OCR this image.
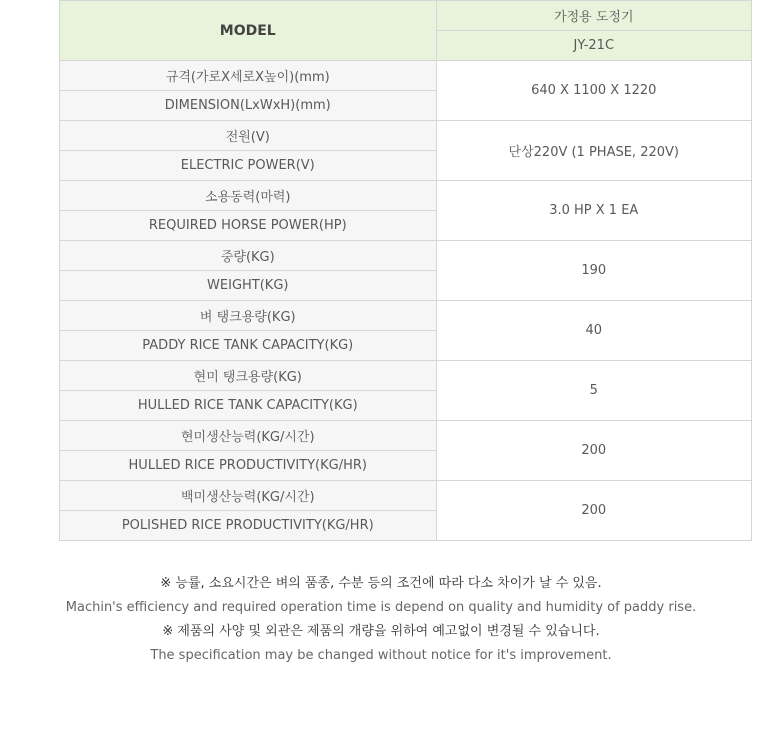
MODEL	가정용 도정기
	JY-21C
규격(가로X세로X높이)(mm)	640 X 1100 X 1220
DIMENSION(LxWxH)(mm)	
전원(V)	단상220V (1 PHASE, 220V)
ELECTRIC POWER(V)	
소용동력(마력)	3.0 HP X 1 EA
REQUIRED HORSE POWER(HP)	
중량(KG)	190
WEIGHT(KG)	
벼 탱크용량(KG)	40
PADDY RICE TANK CAPACITY(KG)	
현미 탱크용량(KG)	5
HULLED RICE TANK CAPACITY(KG)	
현미생산능력(KG/시간)	200
HULLED RICE PRODUCTIVITY(KG/HR)	
백미생산능력(KG/시간)	200
POLISHED RICE PRODUCTIVITY(KG/HR)	
※ 능률, 소요시간은 벼의 품종, 수분 등의 조건에 따라 다소 차이가 날 수 있음.
Machin's efficiency and required operation time is depend on quality and humidity of paddy rise.
※ 제품의 사양 및 외관은 제품의 개량을 위하여 예고없이 변경될 수 있습니다.
The specification may be changed without notice for it's improvement.
